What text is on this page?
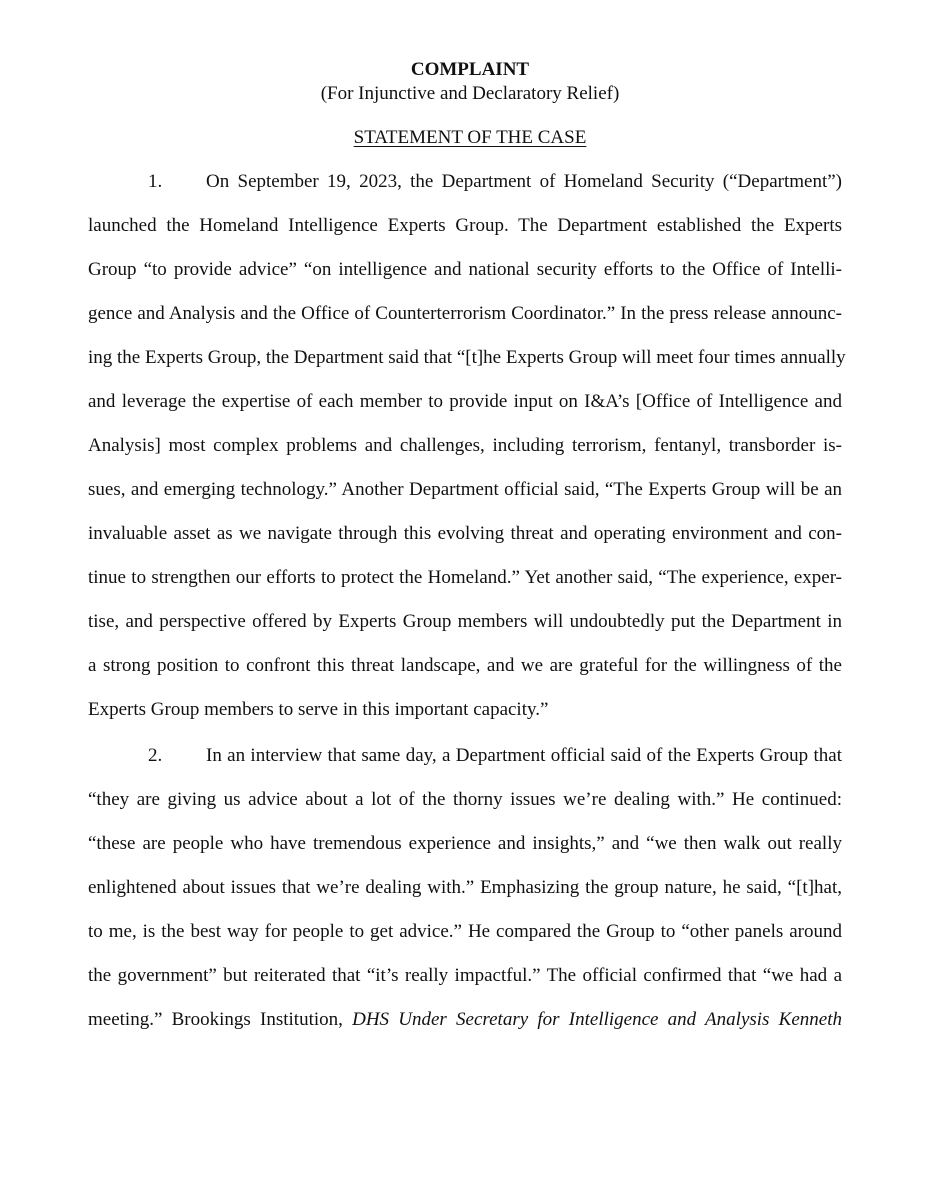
COMPLAINT
(For Injunctive and Declaratory Relief)
STATEMENT OF THE CASE
1.	On September 19, 2023, the Department of Homeland Security (“Department”)
launched the Homeland Intelligence Experts Group. The Department established the Experts
Group “to provide advice” “on intelligence and national security efforts to the Office of Intelli-
gence and Analysis and the Office of Counterterrorism Coordinator.” In the press release announc-
ing the Experts Group, the Department said that “[t]he Experts Group will meet four times annually
and leverage the expertise of each member to provide input on I&A’s [Office of Intelligence and
Analysis] most complex problems and challenges, including terrorism, fentanyl, transborder is-
sues, and emerging technology.” Another Department official said, “The Experts Group will be an
invaluable asset as we navigate through this evolving threat and operating environment and con-
tinue to strengthen our efforts to protect the Homeland.” Yet another said, “The experience, exper-
tise, and perspective offered by Experts Group members will undoubtedly put the Department in
a strong position to confront this threat landscape, and we are grateful for the willingness of the
Experts Group members to serve in this important capacity.”
2.	In an interview that same day, a Department official said of the Experts Group that
“they are giving us advice about a lot of the thorny issues we’re dealing with.” He continued:
“these are people who have tremendous experience and insights,” and “we then walk out really
enlightened about issues that we’re dealing with.” Emphasizing the group nature, he said, “[t]hat,
to me, is the best way for people to get advice.” He compared the Group to “other panels around
the government” but reiterated that “it’s really impactful.” The official confirmed that “we had a
meeting.” Brookings Institution, DHS Under Secretary for Intelligence and Analysis Kenneth
